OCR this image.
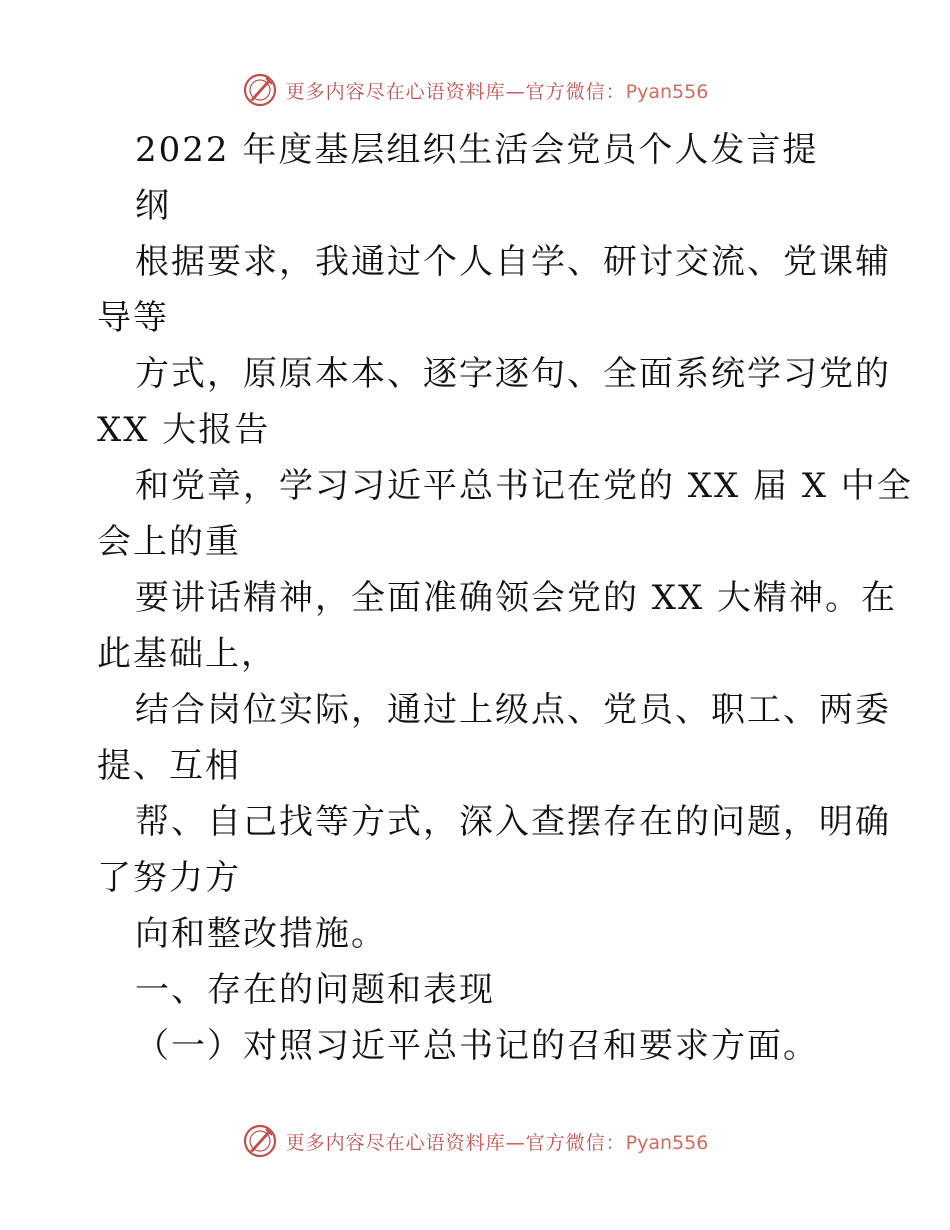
更多内容尽在心语资料库—官方微信：Pyan556
2022 年度基层组织生活会党员个人发言提
纲
根据要求，我通过个人自学、研讨交流、党课辅
导等
方式，原原本本、逐字逐句、全面系统学习党的
XX 大报告
和党章，学习习近平总书记在党的 XX 届 X 中全
会上的重
要讲话精神，全面准确领会党的 XX 大精神。在
此基础上，
结合岗位实际，通过上级点、党员、职工、两委
提、互相
帮、自己找等方式，深入查摆存在的问题，明确
了努力方
向和整改措施。
一、存在的问题和表现
（一）对照习近平总书记的召和要求方面。
更多内容尽在心语资料库—官方微信：Pyan556
